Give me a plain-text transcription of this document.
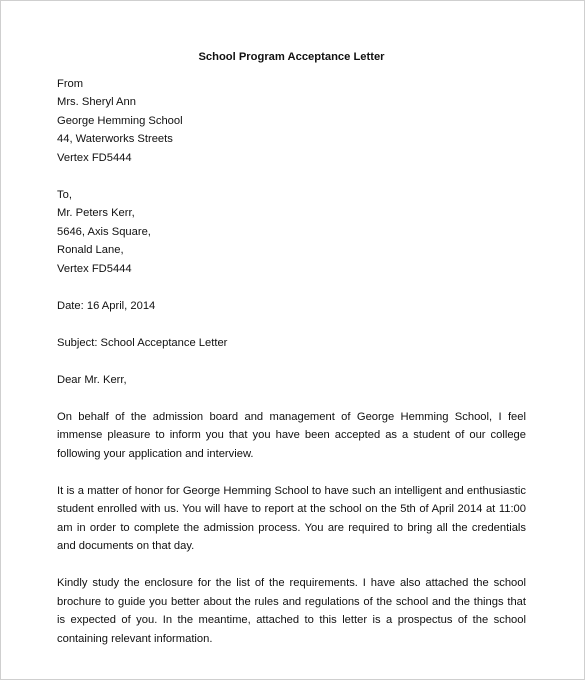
School Program Acceptance Letter
From
Mrs. Sheryl Ann
George Hemming School
44, Waterworks Streets
Vertex FD5444
To,
Mr. Peters Kerr,
5646, Axis Square,
Ronald Lane,
Vertex FD5444
Date: 16 April, 2014
Subject: School Acceptance Letter
Dear Mr. Kerr,

On behalf of the admission board and management of George Hemming School, I feel immense pleasure to inform you that you have been accepted as a student of our college following your application and interview.

It is a matter of honor for George Hemming School to have such an intelligent and enthusiastic student enrolled with us. You will have to report at the school on the 5th of April 2014 at 11:00 am in order to complete the admission process. You are required to bring all the credentials and documents on that day.

Kindly study the enclosure for the list of the requirements. I have also attached the school brochure to guide you better about the rules and regulations of the school and the things that is expected of you. In the meantime, attached to this letter is a prospectus of the school containing relevant information.
